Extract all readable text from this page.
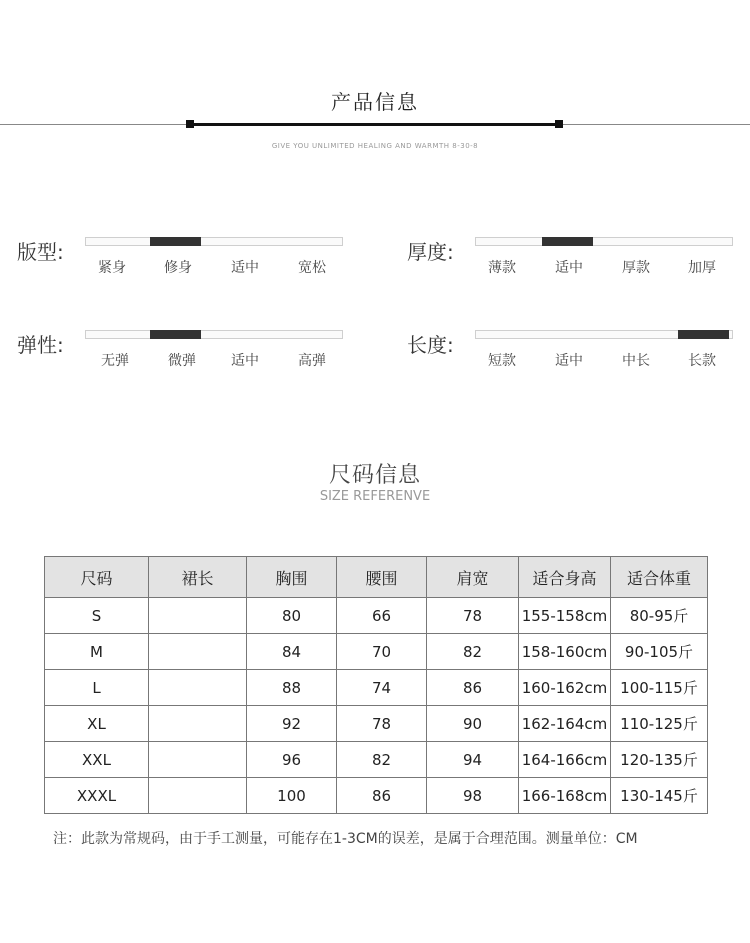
产品信息
GIVE YOU UNLIMITED HEALING AND WARMTH 8-30-8
版型:
紧身	修身	适中	宽松
厚度:
薄款	适中	厚款	加厚
弹性:
无弹	微弹	适中	高弹
长度:
短款	适中	中长	长款
尺码信息
SIZE REFERENVE
尺码	裙长	胸围	腰围	肩宽	适合身高	适合体重
S		80	66	78	155-158cm	80-95斤
M		84	70	82	158-160cm	90-105斤
L		88	74	86	160-162cm	100-115斤
XL		92	78	90	162-164cm	110-125斤
XXL		96	82	94	164-166cm	120-135斤
XXXL		100	86	98	166-168cm	130-145斤
注：此款为常规码，由于手工测量，可能存在1-3CM的误差，是属于合理范围。测量单位：CM
